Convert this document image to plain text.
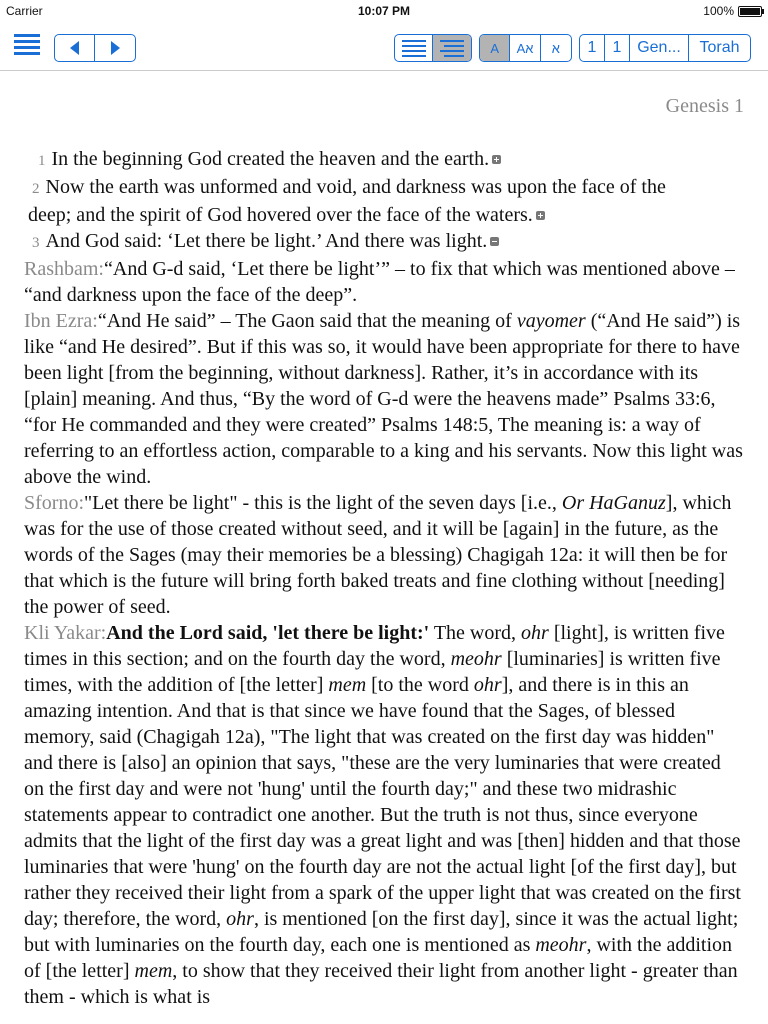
Carrier	10:07 PM	100%
A	Aא	א	1	1 Gen...	Torah
Genesis 1

1 In the beginning God created the heaven and the earth.

2 Now the earth was unformed and void, and darkness was upon the face of the

deep; and the spirit of God hovered over the face of the waters.

3 And God said: ‘Let there be light.’ And there was light.

Rashbam:“And G-d said, ‘Let there be light’” – to fix that which was mentioned above – “and darkness upon the face of the deep”.

Ibn Ezra:“And He said” – The Gaon said that the meaning of vayomer (“And He said”) is like “and He desired”. But if this was so, it would have been appropriate for there to have been light [from the beginning, without darkness]. Rather, it’s in accordance with its [plain] meaning. And thus, “By the word of G-d were the heavens made” Psalms 33:6, “for He commanded and they were created” Psalms 148:5, The meaning is: a way of referring to an effortless action, comparable to a king and his servants. Now this light was above the wind.

Sforno:"Let there be light" - this is the light of the seven days [i.e., Or HaGanuz], which was for the use of those created without seed, and it will be [again] in the future, as the words of the Sages (may their memories be a blessing) Chagigah 12a: it will then be for that which is the future will bring forth baked treats and fine clothing without [needing] the power of seed.

Kli Yakar:And the Lord said, 'let there be light:' The word, ohr [light], is written five times in this section; and on the fourth day the word, meohr [luminaries] is written five times, with the addition of [the letter] mem [to the word ohr], and there is in this an amazing intention. And that is that since we have found that the Sages, of blessed memory, said (Chagigah 12a), "The light that was created on the first day was hidden" and there is [also] an opinion that says, "these are the very luminaries that were created on the first day and were not 'hung' until the fourth day;" and these two midrashic statements appear to contradict one another. But the truth is not thus, since everyone admits that the light of the first day was a great light and was [then] hidden and that those luminaries that were 'hung' on the fourth day are not the actual light [of the first day], but rather they received their light from a spark of the upper light that was created on the first day; therefore, the word, ohr, is mentioned [on the first day], since it was the actual light; but with luminaries on the fourth day, each one is mentioned as meohr, with the addition of [the letter] mem, to show that they received their light from another light - greater than them - which is what is
